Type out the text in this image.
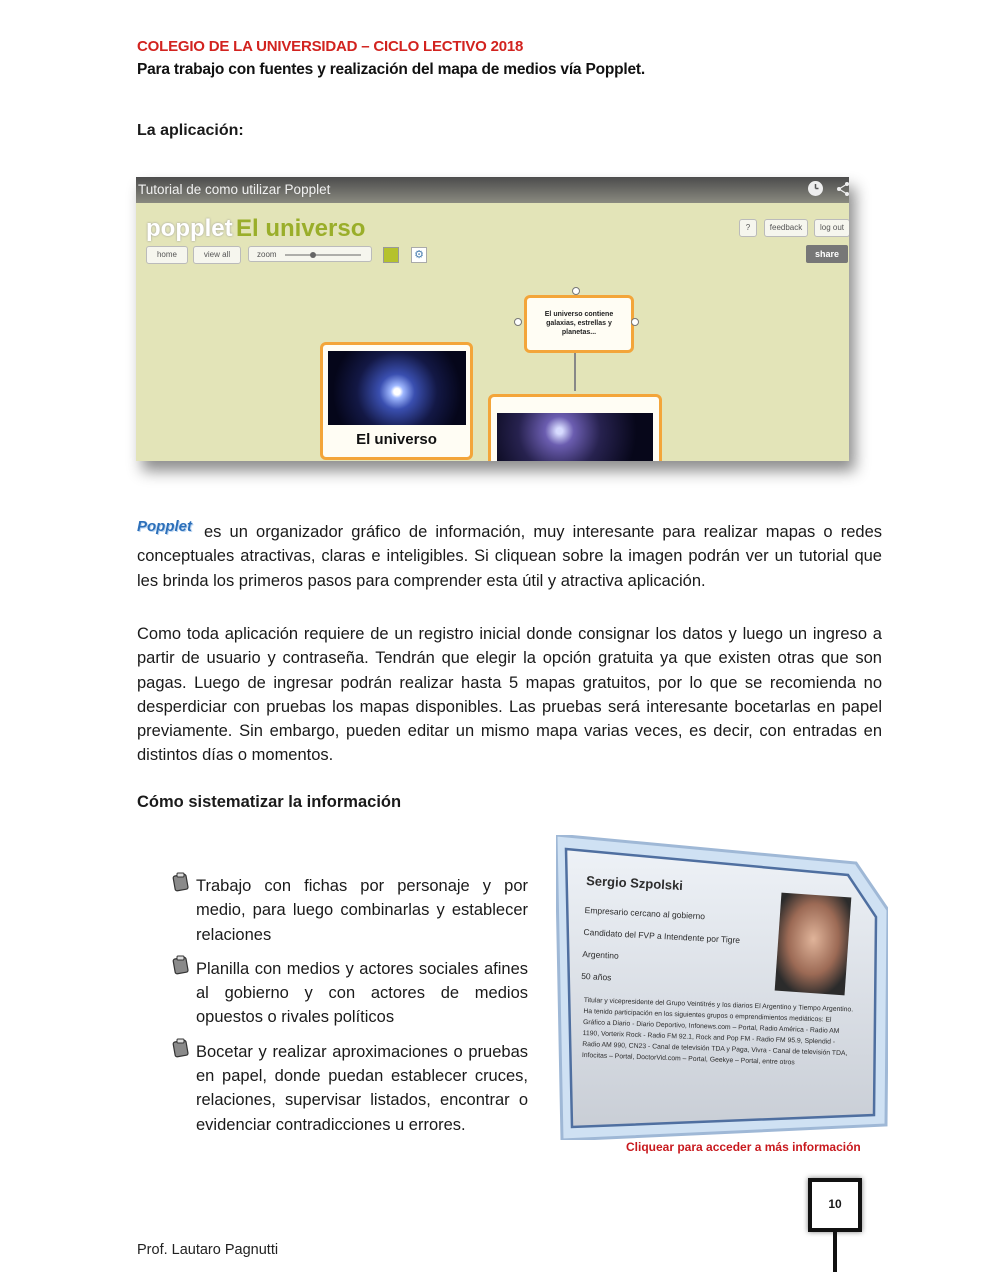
COLEGIO DE LA UNIVERSIDAD – CICLO LECTIVO 2018
Para trabajo con fuentes y realización del mapa de medios vía Popplet.
La aplicación:
Tutorial de como utilizar Popplet
popplet El universo
home	view all	zoom	⚙
?	feedback	log out
share
El universo contiene galaxias, estrellas y planetas...
El universo
Popplet es un organizador gráfico de información, muy interesante para realizar mapas o redes conceptuales atractivas, claras e inteligibles. Si cliquean sobre la imagen podrán ver un tutorial que les brinda los primeros pasos para comprender esta útil y atractiva aplicación.
Como toda aplicación requiere de un registro inicial donde consignar los datos y luego un ingreso a partir de usuario y contraseña. Tendrán que elegir la opción gratuita ya que existen otras que son pagas. Luego de ingresar podrán realizar hasta 5 mapas gratuitos, por lo que se recomienda no desperdiciar con pruebas los mapas disponibles. Las pruebas será interesante bocetarlas en papel previamente. Sin embargo, pueden editar un mismo mapa varias veces, es decir, con entradas en distintos días o momentos.
Cómo sistematizar la información
Trabajo con fichas por personaje y por medio, para luego combinarlas y establecer relaciones
Planilla con medios y actores sociales afines al gobierno y con actores de medios opuestos o rivales políticos
Bocetar y realizar aproximaciones o pruebas en papel, donde puedan establecer cruces, relaciones, supervisar listados, encontrar o evidenciar contradicciones u errores.
Sergio Szpolski
Empresario cercano al gobierno
Candidato del FVP a Intendente por Tigre
Argentino
50 años
Titular y vicepresidente del Grupo Veintitrés y los diarios El Argentino y Tiempo Argentino. Ha tenido participación en los siguientes grupos o emprendimientos mediáticos: El Gráfico a Diario - Diario Deportivo, Infonews.com – Portal, Radio América - Radio AM 1190, Vorterix Rock - Radio FM 92.1, Rock and Pop FM - Radio FM 95.9, Splendid - Radio AM 990, CN23 - Canal de televisión TDA y Paga, Vivra - Canal de televisión TDA, Infocitas – Portal, DoctorVid.com – Portal, Geekye – Portal, entre otros
Cliquear para acceder a más información
Prof. Lautaro Pagnutti
10
